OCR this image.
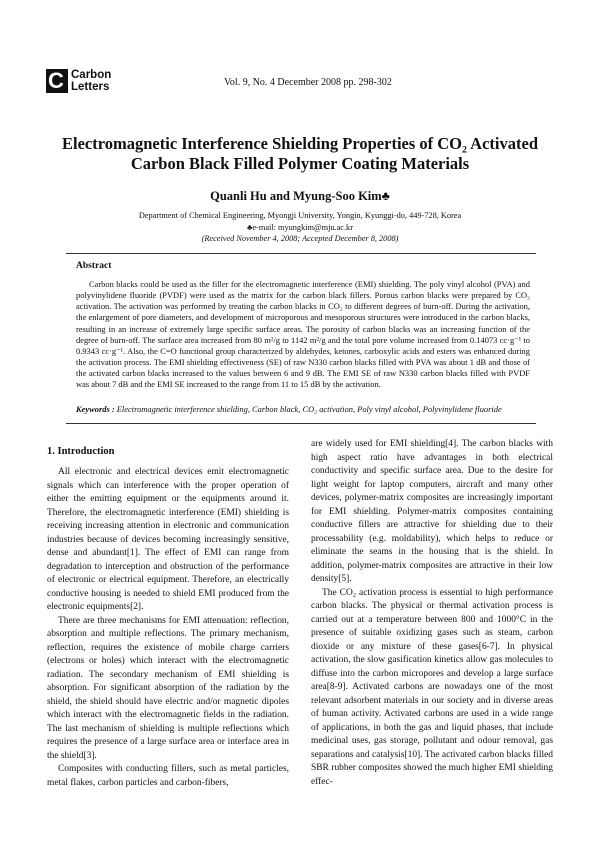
C Carbon
Letters	Vol. 9, No. 4 December 2008 pp. 298-302
Electromagnetic Interference Shielding Properties of CO₂ Activated
Carbon Black Filled Polymer Coating Materials
Quanli Hu and Myung-Soo Kim♣
Department of Chemical Engineering, Myongji University, Yongin, Kyunggi-do, 449-728, Korea
♣e-mail: myungkim@mju.ac.kr
(Received November 4, 2008; Accepted December 8, 2008)
Abstract
Carbon blacks could be used as the filler for the electromagnetic interference (EMI) shielding. The poly vinyl alcohol (PVA) and polyvinylidene fluoride (PVDF) were used as the matrix for the carbon black fillers. Porous carbon blacks were prepared by CO₂ activation. The activation was performed by treating the carbon blacks in CO₂ to different degrees of burn-off. During the activation, the enlargement of pore diameters, and development of microporous and mesoporous structures were introduced in the carbon blacks, resulting in an increase of extremely large specific surface areas. The porosity of carbon blacks was an increasing function of the degree of burn-off. The surface area increased from 80 m²/g to 1142 m²/g and the total pore volume increased from 0.14073 cc·g⁻¹ to 0.9343 cc·g⁻¹. Also, the C=O functional group characterized by aldehydes, ketones, carboxylic acids and esters was enhanced during the activation process. The EMI shielding effectiveness (SE) of raw N330 carbon blacks filled with PVA was about 1 dB and those of the activated carbon blacks increased to the values between 6 and 9 dB. The EMI SE of raw N330 carbon blacks filled with PVDF was about 7 dB and the EMI SE increased to the range from 11 to 15 dB by the activation.
Keywords : Electromagnetic interference shielding, Carbon black, CO₂ activation, Poly vinyl alcohol, Polyvinylidene fluoride
1. Introduction

All electronic and electrical devices emit electromagnetic signals which can interference with the proper operation of either the emitting equipment or the equipments around it. Therefore, the electromagnetic interference (EMI) shielding is receiving increasing attention in electronic and communication industries because of devices becoming increasingly sensitive, dense and abundant[1]. The effect of EMI can range from degradation to interception and obstruction of the performance of electronic or electrical equipment. Therefore, an electrically conductive housing is needed to shield EMI produced from the electronic equipments[2].

There are three mechanisms for EMI attenuation: reflection, absorption and multiple reflections. The primary mechanism, reflection, requires the existence of mobile charge carriers (electrons or holes) which interact with the electromagnetic radiation. The secondary mechanism of EMI shielding is absorption. For significant absorption of the radiation by the shield, the shield should have electric and/or magnetic dipoles which interact with the electromagnetic fields in the radiation. The last mechanism of shielding is multiple reflections which requires the presence of a large surface area or interface area in the shield[3].

Composites with conducting fillers, such as metal particles, metal flakes, carbon particles and carbon-fibers,

are widely used for EMI shielding[4]. The carbon blacks with high aspect ratio have advantages in both electrical conductivity and specific surface area. Due to the desire for light weight for laptop computers, aircraft and many other devices, polymer-matrix composites are increasingly important for EMI shielding. Polymer-matrix composites containing conductive fillers are attractive for shielding due to their processability (e.g. moldability), which helps to reduce or eliminate the seams in the housing that is the shield. In addition, polymer-matrix composites are attractive in their low density[5].

The CO₂ activation process is essential to high performance carbon blacks. The physical or thermal activation process is carried out at a temperature between 800 and 1000°C in the presence of suitable oxidizing gases such as steam, carbon dioxide or any mixture of these gases[6-7]. In physical activation, the slow gasification kinetics allow gas molecules to diffuse into the carbon micropores and develop a large surface area[8-9]. Activated carbons are nowadays one of the most relevant adsorbent materials in our society and in diverse areas of human activity. Activated carbons are used in a wide range of applications, in both the gas and liquid phases, that include medicinal uses, gas storage, pollutant and odour removal, gas separations and catalysis[10]. The activated carbon blacks filled SBR rubber composites showed the much higher EMI shielding effec-
